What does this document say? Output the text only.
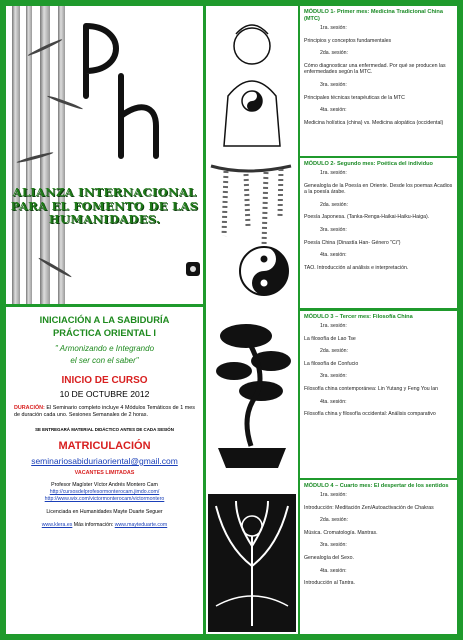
ALIANZA INTERNACIONAL
PARA EL FOMENTO DE LAS
HUMANIDADES.
INICIACIÓN A LA SABIDURÍA
PRÁCTICA ORIENTAL I
" Armonizando e Integrando
el ser con el saber"
INICIO DE CURSO
10 DE OCTUBRE 2012
DURACIÓN: El Seminario completo incluye 4 Módulos Temáticos de 1 mes de duración cada uno. Sesiones Semanales de 2 horas.
SE ENTREGARÁ MATERIAL DIDÁCTICO ANTES DE CADA SESIÓN
MATRICULACIÓN
seminariosabiduriaoriental@gmail.com
VACANTES LIMITADAS
Profesor Magíster Víctor Andrés Montero Cam
http://cursosdelprofesormonterocam.jimdo.com/
http://www.wix.com/victormonterocam/victormontero
Licenciada en Humanidades Mayte Duarte Seguer
www.klera.es Más información: www.mayteduarte.com
MÓDULO 1- Primer mes: Medicina Tradicional China (MTC)
1ra. sesión:
Principios y conceptos fundamentales
2da. sesión:
Cómo diagnosticar una enfermedad. Por qué se producen las enfermedades según la MTC.
3ra. sesión:
Principales técnicas terapéuticas de la MTC
4ta. sesión:
Medicina holística (china) vs. Medicina alopática (occidental)
MÓDULO 2- Segundo mes: Poética del individuo
1ra. sesión:
Genealogía de la Poesía en Oriente. Desde los poemas Acadios a la poesía árabe.
2da. sesión:
Poesía Japonesa. (Tanka-Renga-Haikai-Haiku-Haiga).
3ra. sesión:
Poesía China (Dinastía Han- Género "Ci")
4ta. sesión:
TAO. Introducción al análisis e interpretación.
MÓDULO 3 – Tercer mes: Filosofía China
1ra. sesión:
La filosofía de Lao Tse
2da. sesión:
La filosofía de Confucio
3ra. sesión:
Filosofía china contemporánea: Lin Yutang y Feng You lan
4ta. sesión:
Filosofía china y filosofía occidental: Análisis comparativo
MÓDULO 4 – Cuarto mes: El despertar de los sentidos
1ra. sesión:
Introducción: Meditación Zen/Autoactivación de Chakras
2da. sesión:
Música. Cromatología. Mantras.
3ra. sesión:
Genealogía del Sexo.
4ta. sesión:
Introducción al Tantra.
